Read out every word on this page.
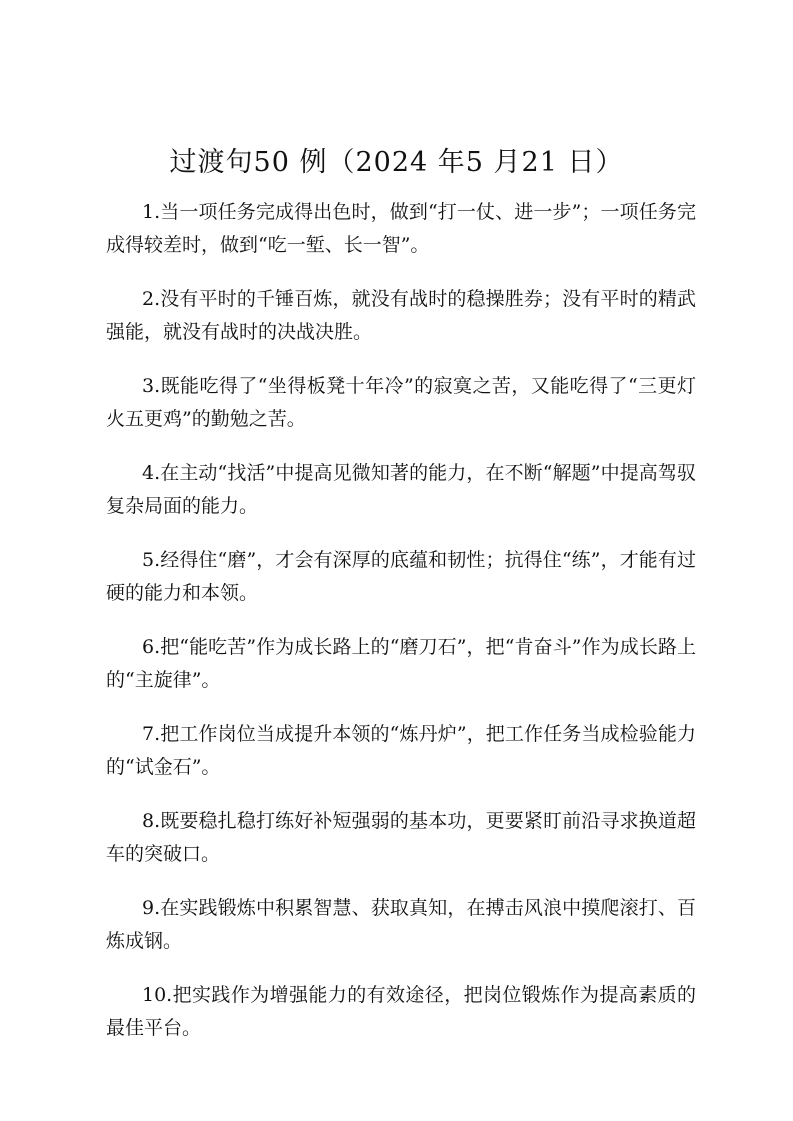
过渡句50 例（2024 年5 月21 日）

1.当一项任务完成得出色时，做到“打一仗、进一步”；一项任务完成得较差时，做到“吃一堑、长一智”。

2.没有平时的千锤百炼，就没有战时的稳操胜券；没有平时的精武强能，就没有战时的决战决胜。

3.既能吃得了“坐得板凳十年冷”的寂寞之苦，又能吃得了“三更灯火五更鸡”的勤勉之苦。

4.在主动“找活”中提高见微知著的能力，在不断“解题”中提高驾驭复杂局面的能力。

5.经得住“磨”，才会有深厚的底蕴和韧性；抗得住“练”，才能有过硬的能力和本领。

6.把“能吃苦”作为成长路上的“磨刀石”，把“肯奋斗”作为成长路上的“主旋律”。

7.把工作岗位当成提升本领的“炼丹炉”，把工作任务当成检验能力的“试金石”。

8.既要稳扎稳打练好补短强弱的基本功，更要紧盯前沿寻求换道超车的突破口。

9.在实践锻炼中积累智慧、获取真知，在搏击风浪中摸爬滚打、百炼成钢。

10.把实践作为增强能力的有效途径，把岗位锻炼作为提高素质的最佳平台。
